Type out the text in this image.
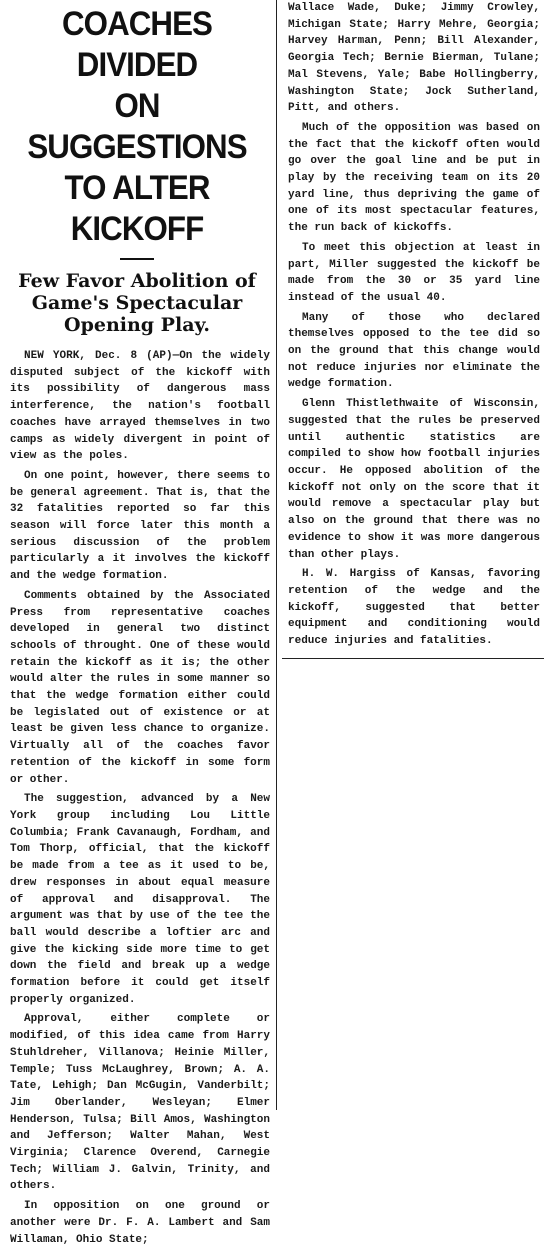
COACHES DIVIDED
ON SUGGESTIONS
TO ALTER KICKOFF
Few Favor Abolition of
Game's Spectacular
Opening Play.

NEW YORK, Dec. 8 (AP)—On the widely disputed subject of the kickoff with its possibility of dangerous mass interference, the nation's football coaches have arrayed themselves in two camps as widely divergent in point of view as the poles.

On one point, however, there seems to be general agreement. That is, that the 32 fatalities reported so far this season will force later this month a serious discussion of the problem particularly a it involves the kickoff and the wedge formation.

Comments obtained by the Associated Press from representative coaches developed in general two distinct schools of throught. One of these would retain the kickoff as it is; the other would alter the rules in some manner so that the wedge formation either could be legislated out of existence or at least be given less chance to organize. Virtually all of the coaches favor retention of the kickoff in some form or other.

The suggestion, advanced by a New York group including Lou Little Columbia; Frank Cavanaugh, Fordham, and Tom Thorp, official, that the kickoff be made from a tee as it used to be, drew responses in about equal measure of approval and disapproval. The argument was that by use of the tee the ball would describe a loftier arc and give the kicking side more time to get down the field and break up a wedge formation before it could get itself properly organized.

Approval, either complete or modified, of this idea came from Harry Stuhldreher, Villanova; Heinie Miller, Temple; Tuss McLaughrey, Brown; A. A. Tate, Lehigh; Dan McGugin, Vanderbilt; Jim Oberlander, Wesleyan; Elmer Henderson, Tulsa; Bill Amos, Washington and Jefferson; Walter Mahan, West Virginia; Clarence Overend, Carnegie Tech; William J. Galvin, Trinity, and others.

In opposition on one ground or another were Dr. F. A. Lambert and Sam Willaman, Ohio State;

Wallace Wade, Duke; Jimmy Crowley, Michigan State; Harry Mehre, Georgia; Harvey Harman, Penn; Bill Alexander, Georgia Tech; Bernie Bierman, Tulane; Mal Stevens, Yale; Babe Hollingberry, Washington State; Jock Sutherland, Pitt, and others.

Much of the opposition was based on the fact that the kickoff often would go over the goal line and be put in play by the receiving team on its 20 yard line, thus depriving the game of one of its most spectacular features, the run back of kickoffs.

To meet this objection at least in part, Miller suggested the kickoff be made from the 30 or 35 yard line instead of the usual 40.

Many of those who declared themselves opposed to the tee did so on the ground that this change would not reduce injuries nor eliminate the wedge formation.

Glenn Thistlethwaite of Wisconsin, suggested that the rules be preserved until authentic statistics are compiled to show how football injuries occur. He opposed abolition of the kickoff not only on the score that it would remove a spectacular play but also on the ground that there was no evidence to show it was more dangerous than other plays.

H. W. Hargiss of Kansas, favoring retention of the wedge and the kickoff, suggested that better equipment and conditioning would reduce injuries and fatalities.
